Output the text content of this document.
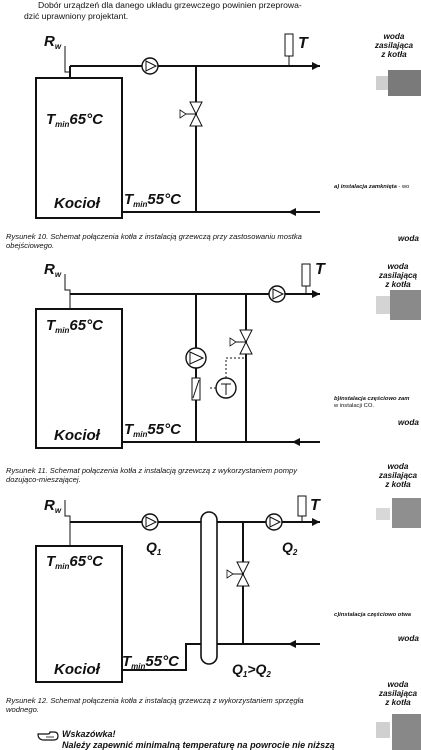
Dobór urządzeń dla danego układu grzewczego powinien przeprowa-
dzić uprawniony projektant.
T
$R_w$
$T_{min}65^\circ C$
Kocioł $T_{min}55^\circ C$
Rysunek 10. Schemat połączenia kotła z instalacją grzewczą przy zastosowaniu mostka obejściowego.
T
$R_w$
$T_{min}65^\circ C$
Kocioł $T_{min}55^\circ C$
Rysunek 11. Schemat połączenia kotła z instalacją grzewczą z wykorzystaniem pompy dozująco-mieszającej.
T
$R_w$
$T_{min}65^\circ C$
Kocioł $T_{min}55^\circ C$
$Q_1$	$Q_2$
$Q_1>Q_2$
Rysunek 12. Schemat połączenia kotła z instalacją grzewczą z wykorzystaniem sprzęgła wodnego.
woda
zasilająca
z kotła
a) instalacja zamknięta - wo
woda
woda
zasilającą
z kotła
b)instalacja częściowo zam
w instalacji CO.
woda
woda
zasilająca
z kotła
c)instalacja częściowo otwa
woda
woda
zasilająca
z kotła
Wskazówka!
Należy zapewnić minimalną temperaturę na powrocie nie niższą
